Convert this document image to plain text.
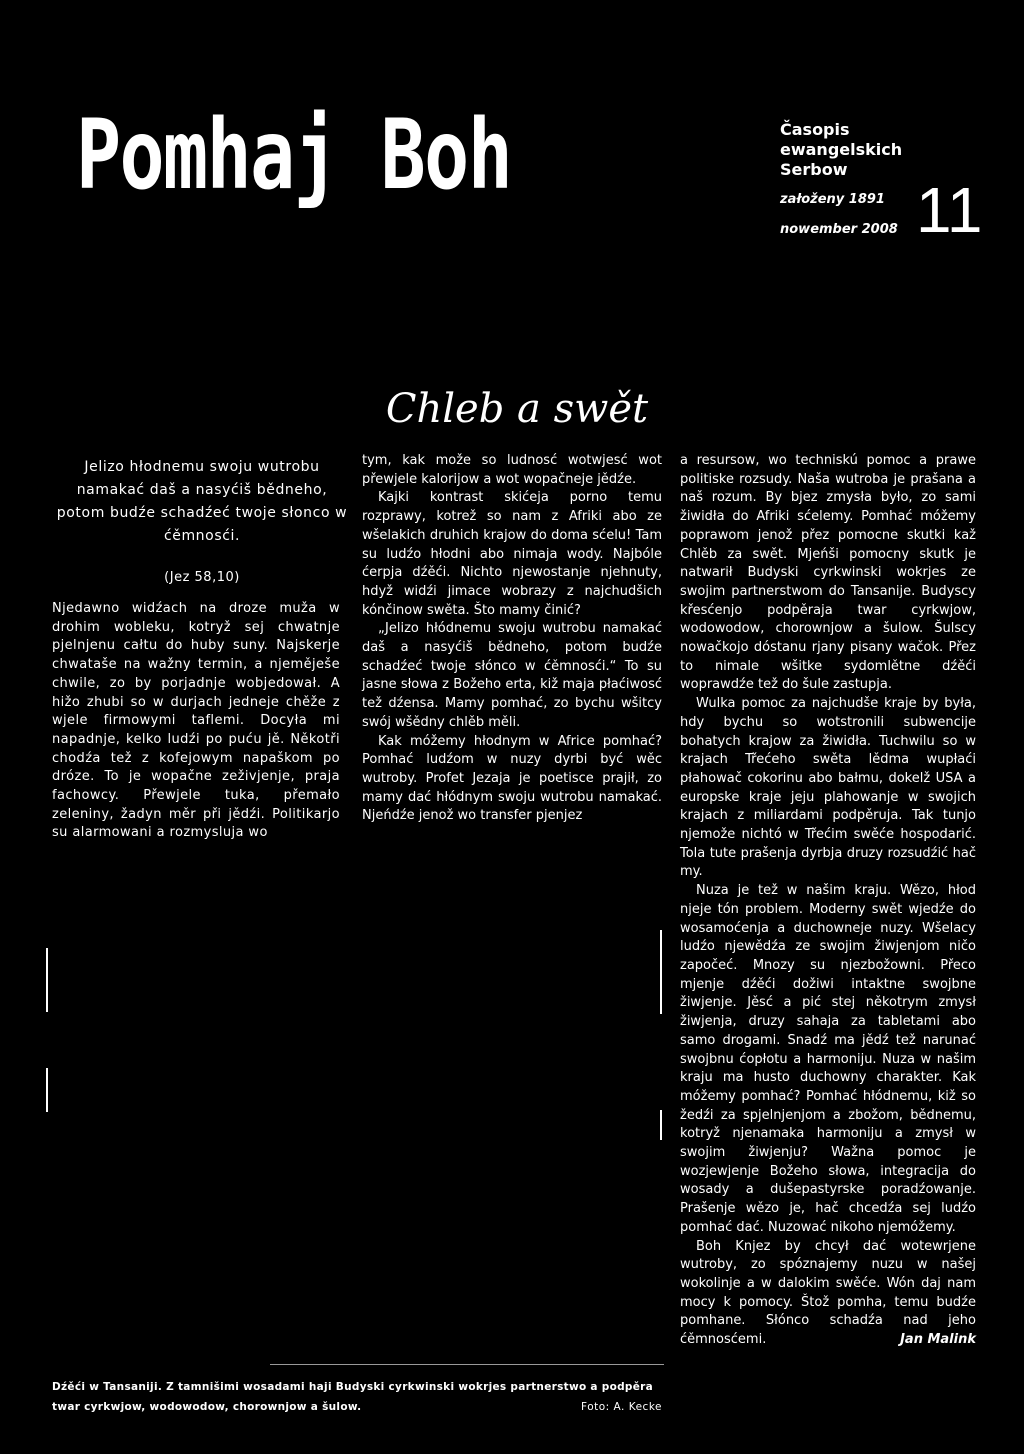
Pomhaj Boh	Časopis
ewangelskich
Serbow
załoženy 1891
nowember 2008 11
Chleb a swět
Jelizo hłodnemu swoju wutrobu namakać daš a nasyćiš bědneho, potom budźe schadźeć twoje słonco w ćěmnosći.
(Jez 58,10)

Njedawno widźach na droze muža w drohim wobleku, kotryž sej chwatnje pjelnjenu całtu do huby suny. Najskerje chwataše na wažny termin, a njeměješe chwile, zo by porjadnje wobjedował. A hižo zhubi so w durjach jedneje chěže z wjele firmowymi taflemi. Docyła mi napadnje, kelko ludźi po puću jě. Někotři chodźa tež z kofejowym napaškom po dróze. To je wopačne zeživjenje, praja fachowcy. Přewjele tuka, přemało zeleniny, žadyn měr při jědźi. Politikarjo su alarmowani a rozmysluja wo

tym, kak može so ludnosć wotwjesć wot přewjele kalorijow a wot wopačneje jědźe.

Kajki kontrast skićeja porno temu rozprawy, kotrež so nam z Afriki abo ze wšelakich druhich krajow do doma sćelu! Tam su ludźo hłodni abo nimaja wody. Najbóle ćerpja dźěći. Nichto njewostanje njehnuty, hdyž widźi jimace wobrazy z najchudšich kónčinow swěta. Što mamy činić?

„Jelizo hłódnemu swoju wutrobu namakać daš a nasyćiš bědneho, potom budźe schadźeć twoje słónco w ćěmnosći.“ To su jasne słowa z Božeho erta, kiž maja płaćiwosć tež dźensa. Mamy pomhać, zo bychu wšitcy swój wšědny chlěb měli.

Kak móžemy hłodnym w Africe pomhać? Pomhać ludźom w nuzy dyrbi być wěc wutroby. Profet Jezaja je poetisce prajił, zo mamy dać hłódnym swoju wutrobu namakać. Njeńdźe jenož wo transfer pjenjez

a resursow, wo techniskú pomoc a prawe politiske rozsudy. Naša wutroba je prašana a naš rozum. By bjez zmysła było, zo sami žiwidła do Afriki sćelemy. Pomhać móžemy poprawom jenož přez pomocne skutki kaž Chlěb za swět. Mjeńši pomocny skutk je natwarił Budyski cyrkwinski wokrjes ze swojim partnerstwom do Tansanije. Budyscy křesćenjo podpěraja twar cyrkwjow, wodowodow, chorownjow a šulow. Šulscy nowačkojo dóstanu rjany pisany wačok. Přez to nimale wšitke sydomlětne dźěći woprawdźe tež do šule zastupja.

Wulka pomoc za najchudše kraje by była, hdy bychu so wotstronili subwencije bohatych krajow za žiwidła. Tuchwilu so w krajach Třećeho swěta lědma wupłaći płahowač cokorinu abo bałmu, dokelž USA a europske kraje jeju plahowanje w swojich krajach z miliardami podpěruja. Tak tunjo njemože nichtó w Třećim swěće hospodarić. Tola tute prašenja dyrbja druzy rozsudźić hač my.

Nuza je tež w našim kraju. Wězo, hłod njeje tón problem. Moderny swět wjedźe do wosamoćenja a duchowneje nuzy. Wšelacy ludźo njewědźa ze swojim žiwjenjom ničo započeć. Mnozy su njezbožowni. Přeco mjenje dźěći dožiwi intaktne swojbne žiwjenje. Jěsć a pić stej někotrym zmysł žiwjenja, druzy sahaja za tabletami abo samo drogami. Snadź ma jědź tež narunać swojbnu ćopłotu a harmoniju. Nuza w našim kraju ma husto duchowny charakter. Kak móžemy pomhać? Pomhać hłódnemu, kiž so žedźi za spjelnjenjom a zbožom, bědnemu, kotryž njenamaka harmoniju a zmysł w swojim žiwjenju? Wažna pomoc je wozjewjenje Božeho słowa, integracija do wosady a dušepastyrske poradźowanje. Prašenje wězo je, hač chcedźa sej ludźo pomhać dać. Nuzować nikoho njemóžemy.

Boh Knjez by chcył dać wotewrjene wutroby, zo spóznajemy nuzu w našej wokolinje a w dalokim swěće. Wón daj nam mocy k pomocy. Štož pomha, temu budźe pomhane. Słónco schadźa nad jeho ćěmnosćemi.	Jan Malink

Dźěći w Tansaniji. Z tamnišimi wosadami haji Budyski cyrkwinski wokrjes partnerstwo a podpěra twar cyrkwjow, wodowodow, chorownjow a šulow.	Foto: A. Kecke
